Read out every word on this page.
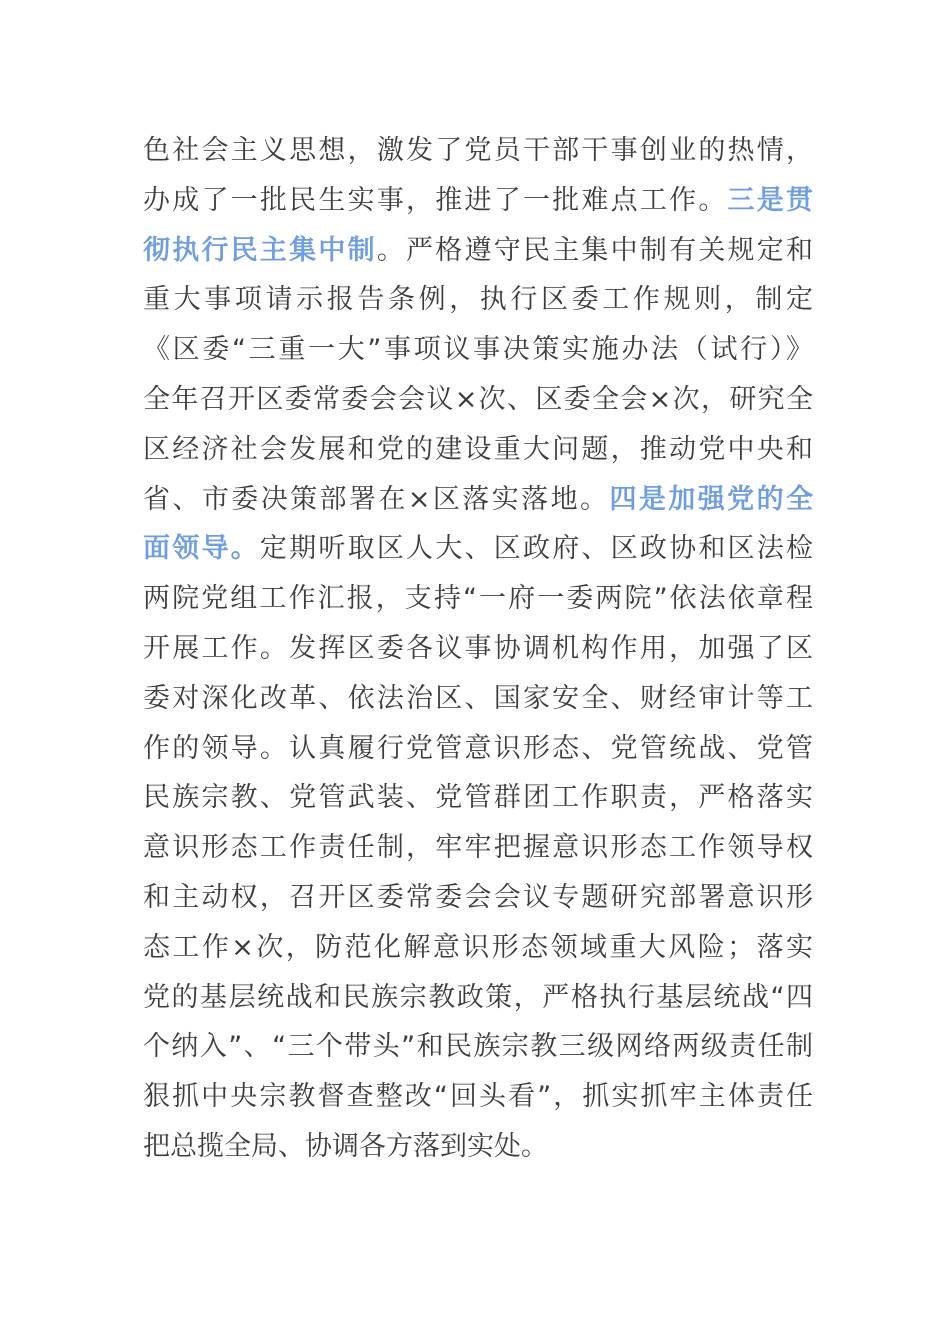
色社会主义思想，激发了党员干部干事创业的热情，
办成了一批民生实事，推进了一批难点工作。三是贯
彻执行民主集中制。严格遵守民主集中制有关规定和
重大事项请示报告条例，执行区委工作规则，制定
《区委“三重一大”事项议事决策实施办法（试行）》
全年召开区委常委会会议×次、区委全会×次，研究全
区经济社会发展和党的建设重大问题，推动党中央和
省、市委决策部署在×区落实落地。四是加强党的全
面领导。定期听取区人大、区政府、区政协和区法检
两院党组工作汇报，支持“一府一委两院”依法依章程
开展工作。发挥区委各议事协调机构作用，加强了区
委对深化改革、依法治区、国家安全、财经审计等工
作的领导。认真履行党管意识形态、党管统战、党管
民族宗教、党管武装、党管群团工作职责，严格落实
意识形态工作责任制，牢牢把握意识形态工作领导权
和主动权，召开区委常委会会议专题研究部署意识形
态工作×次，防范化解意识形态领域重大风险；落实
党的基层统战和民族宗教政策，严格执行基层统战“四
个纳入”、“三个带头”和民族宗教三级网络两级责任制
狠抓中央宗教督查整改“回头看”，抓实抓牢主体责任
把总揽全局、协调各方落到实处。
